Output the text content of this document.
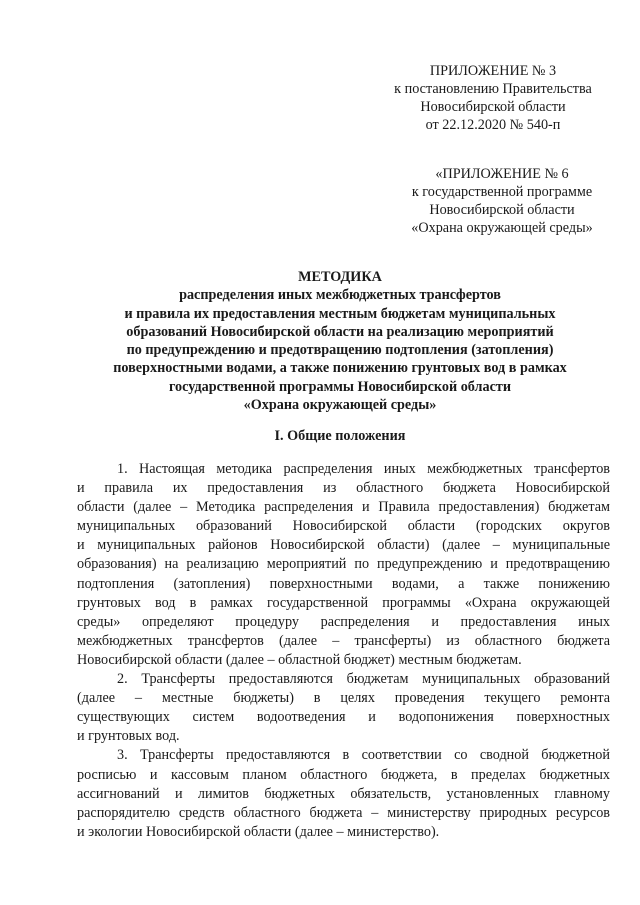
ПРИЛОЖЕНИЕ № 3
к постановлению Правительства
Новосибирской области
от 22.12.2020 № 540-п
«ПРИЛОЖЕНИЕ № 6
к государственной программе
Новосибирской области
«Охрана окружающей среды»
МЕТОДИКА
распределения иных межбюджетных трансфертов
и правила их предоставления местным бюджетам муниципальных
образований Новосибирской области на реализацию мероприятий
по предупреждению и предотвращению подтопления (затопления)
поверхностными водами, а также понижению грунтовых вод в рамках
государственной программы Новосибирской области
«Охрана окружающей среды»
I. Общие положения
1. Настоящая методика распределения иных межбюджетных трансфертов
и правила их предоставления из областного бюджета Новосибирской
области (далее – Методика распределения и Правила предоставления) бюджетам
муниципальных образований Новосибирской области (городских округов
и муниципальных районов Новосибирской области) (далее – муниципальные
образования) на реализацию мероприятий по предупреждению и предотвращению
подтопления (затопления) поверхностными водами, а также понижению
грунтовых вод в рамках государственной программы «Охрана окружающей
среды» определяют процедуру распределения и предоставления иных
межбюджетных трансфертов (далее – трансферты) из областного бюджета
Новосибирской области (далее – областной бюджет) местным бюджетам.
2. Трансферты предоставляются бюджетам муниципальных образований
(далее – местные бюджеты) в целях проведения текущего ремонта
существующих систем водоотведения и водопонижения поверхностных
и грунтовых вод.
3. Трансферты предоставляются в соответствии со сводной бюджетной
росписью и кассовым планом областного бюджета, в пределах бюджетных
ассигнований и лимитов бюджетных обязательств, установленных главному
распорядителю средств областного бюджета – министерству природных ресурсов
и экологии Новосибирской области (далее – министерство).
